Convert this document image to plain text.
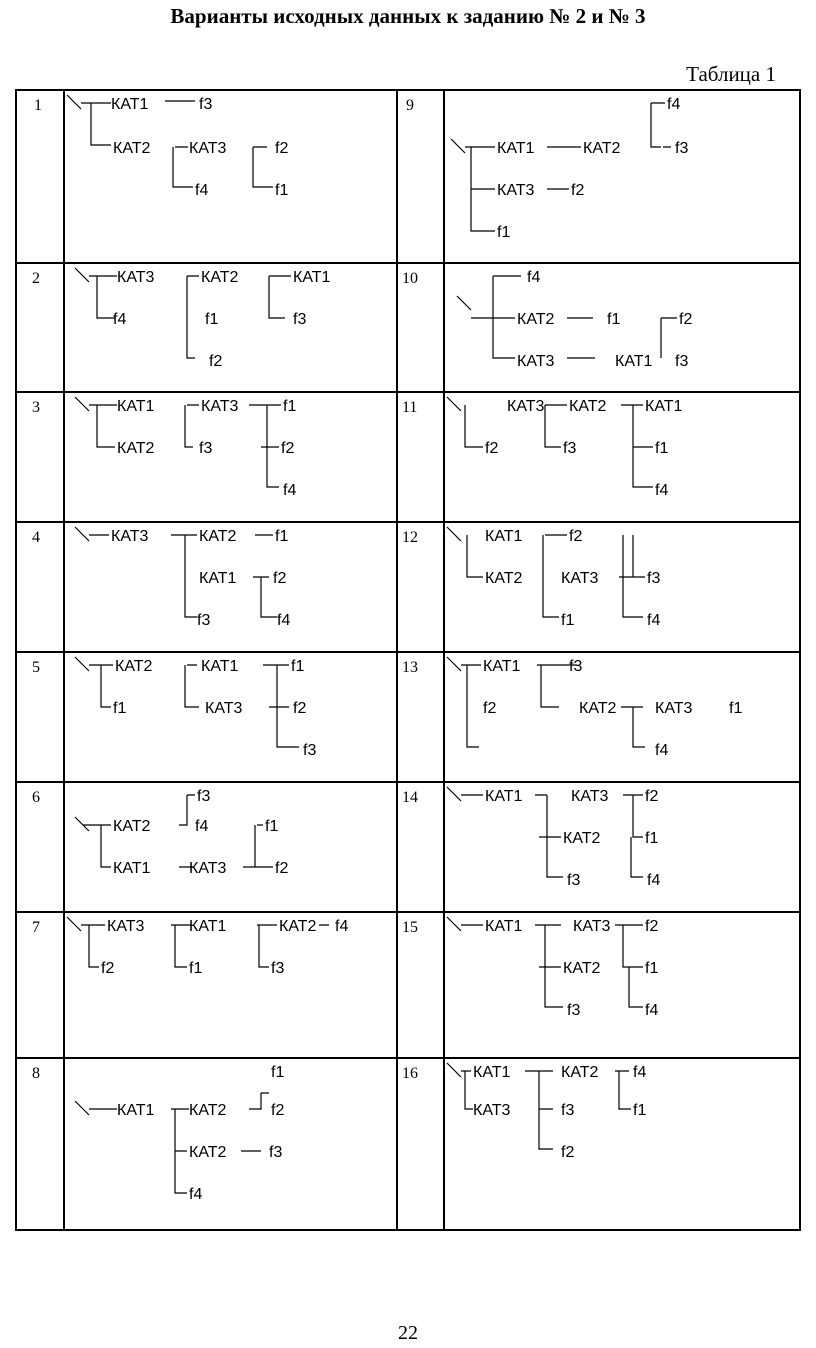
Варианты исходных данных к заданию № 2 и № 3
Таблица 1
1	КАТ1	f3
КАТ2 КАТ3	f2
f4	f1
2	КАТ3	КАТ2	КАТ1
f4	f1	f3
f2
3	КАТ1	КАТ3	f1
КАТ2	f3	f2
f4
4	КАТ3	КАТ2 f1
КАТ1 f2
f3	f4
5	КАТ2	КАТ1	f1
f1	КАТ3	f2
f3
6	f3
КАТ2	f4	f1
КАТ1 КАТ3	f2
7	КАТ3	КАТ1	КАТ2 f4
f2	f1	f3
8	f1
КАТ1 КАТ2	f2
КАТ2	f3
f4
9	f4
КАТ1	КАТ2	f3
КАТ3 f2
f1
10	f4
КАТ2	f1	f2
КАТ3	КАТ1 f3
11	КАТ3 КАТ2 КАТ1
f2	f3	f1
f4
12	КАТ1	f2
КАТ2 КАТ3	f3
f1	f4
13	КАТ1	f3
f2	КАТ2 КАТ3 f1
f4
14	КАТ1	КАТ3 f2
КАТ2	f1
f3	f4
15	КАТ1	КАТ3 f2
КАТ2	f1
f3	f4
16	КАТ1	КАТ2 f4
КАТ3	f3	f1
f2
22
